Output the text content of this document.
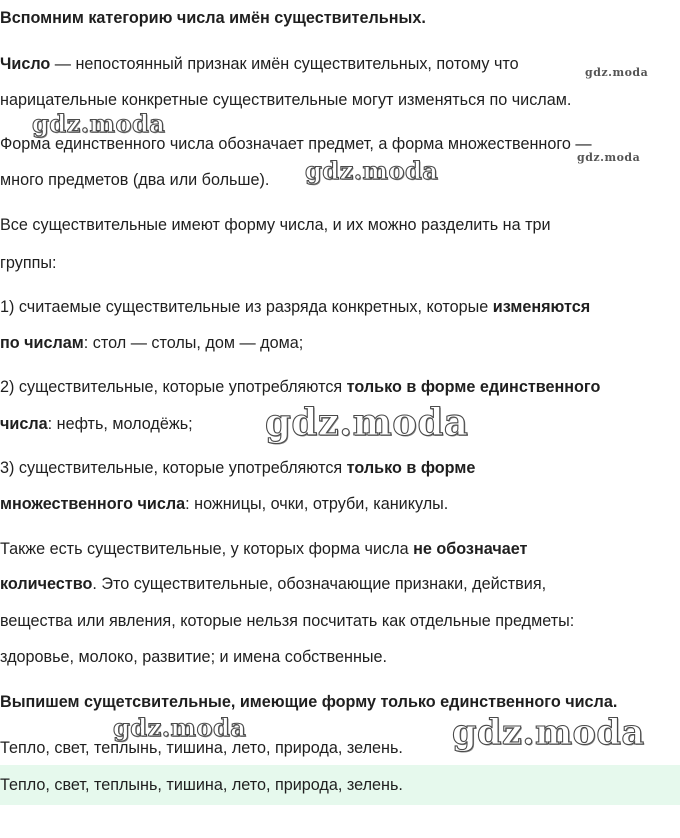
Вспомним категорию числа имён существительных.
Число — непостоянный признак имён существительных, потому что
нарицательные конкретные существительные могут изменяться по числам.
Форма единственного числа обозначает предмет, а форма множественного —
много предметов (два или больше).
Все существительные имеют форму числа, и их можно разделить на три
группы:
1) считаемые существительные из разряда конкретных, которые изменяются
по числам: стол — столы, дом — дома;
2) существительные, которые употребляются только в форме единственного
числа: нефть, молодёжь;
3) существительные, которые употребляются только в форме
множественного числа: ножницы, очки, отруби, каникулы.
Также есть существительные, у которых форма числа не обозначает
количество. Это существительные, обозначающие признаки, действия,
вещества или явления, которые нельзя посчитать как отдельные предметы:
здоровье, молоко, развитие; и имена собственные.
Выпишем сущетсвительные, имеющие форму только единственного числа.
Тепло, свет, теплынь, тишина, лето, природа, зелень.
Тепло, свет, теплынь, тишина, лето, природа, зелень.
gdz.moda
gdz.moda
gdz.moda
gdz.moda
gdz.moda
gdz.moda	gdz.moda
